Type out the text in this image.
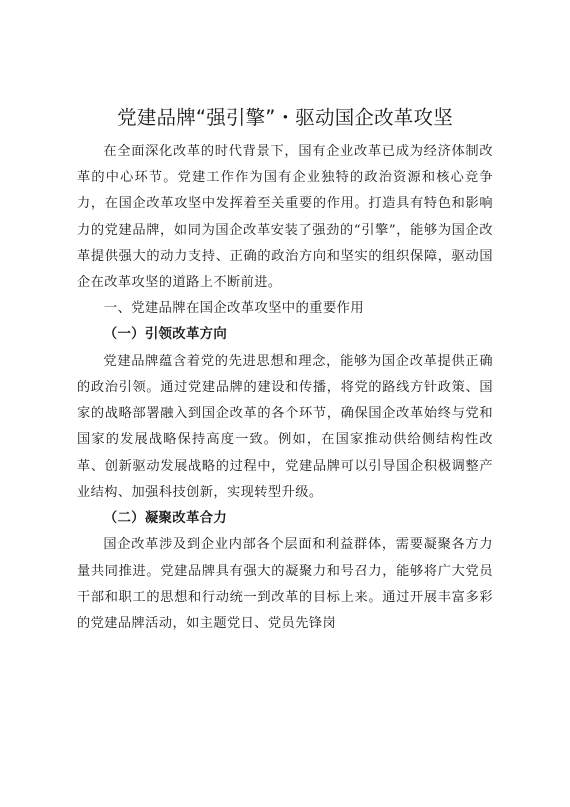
党建品牌“强引擎”・驱动国企改革攻坚

在全面深化改革的时代背景下，国有企业改革已成为经济体制改革的中心环节。党建工作作为国有企业独特的政治资源和核心竞争力，在国企改革攻坚中发挥着至关重要的作用。打造具有特色和影响力的党建品牌，如同为国企改革安装了强劲的“引擎”，能够为国企改革提供强大的动力支持、正确的政治方向和坚实的组织保障，驱动国企在改革攻坚的道路上不断前进。

一、党建品牌在国企改革攻坚中的重要作用

（一）引领改革方向

党建品牌蕴含着党的先进思想和理念，能够为国企改革提供正确的政治引领。通过党建品牌的建设和传播，将党的路线方针政策、国家的战略部署融入到国企改革的各个环节，确保国企改革始终与党和国家的发展战略保持高度一致。例如，在国家推动供给侧结构性改革、创新驱动发展战略的过程中，党建品牌可以引导国企积极调整产业结构、加强科技创新，实现转型升级。

（二）凝聚改革合力

国企改革涉及到企业内部各个层面和利益群体，需要凝聚各方力量共同推进。党建品牌具有强大的凝聚力和号召力，能够将广大党员干部和职工的思想和行动统一到改革的目标上来。通过开展丰富多彩的党建品牌活动，如主题党日、党员先锋岗
